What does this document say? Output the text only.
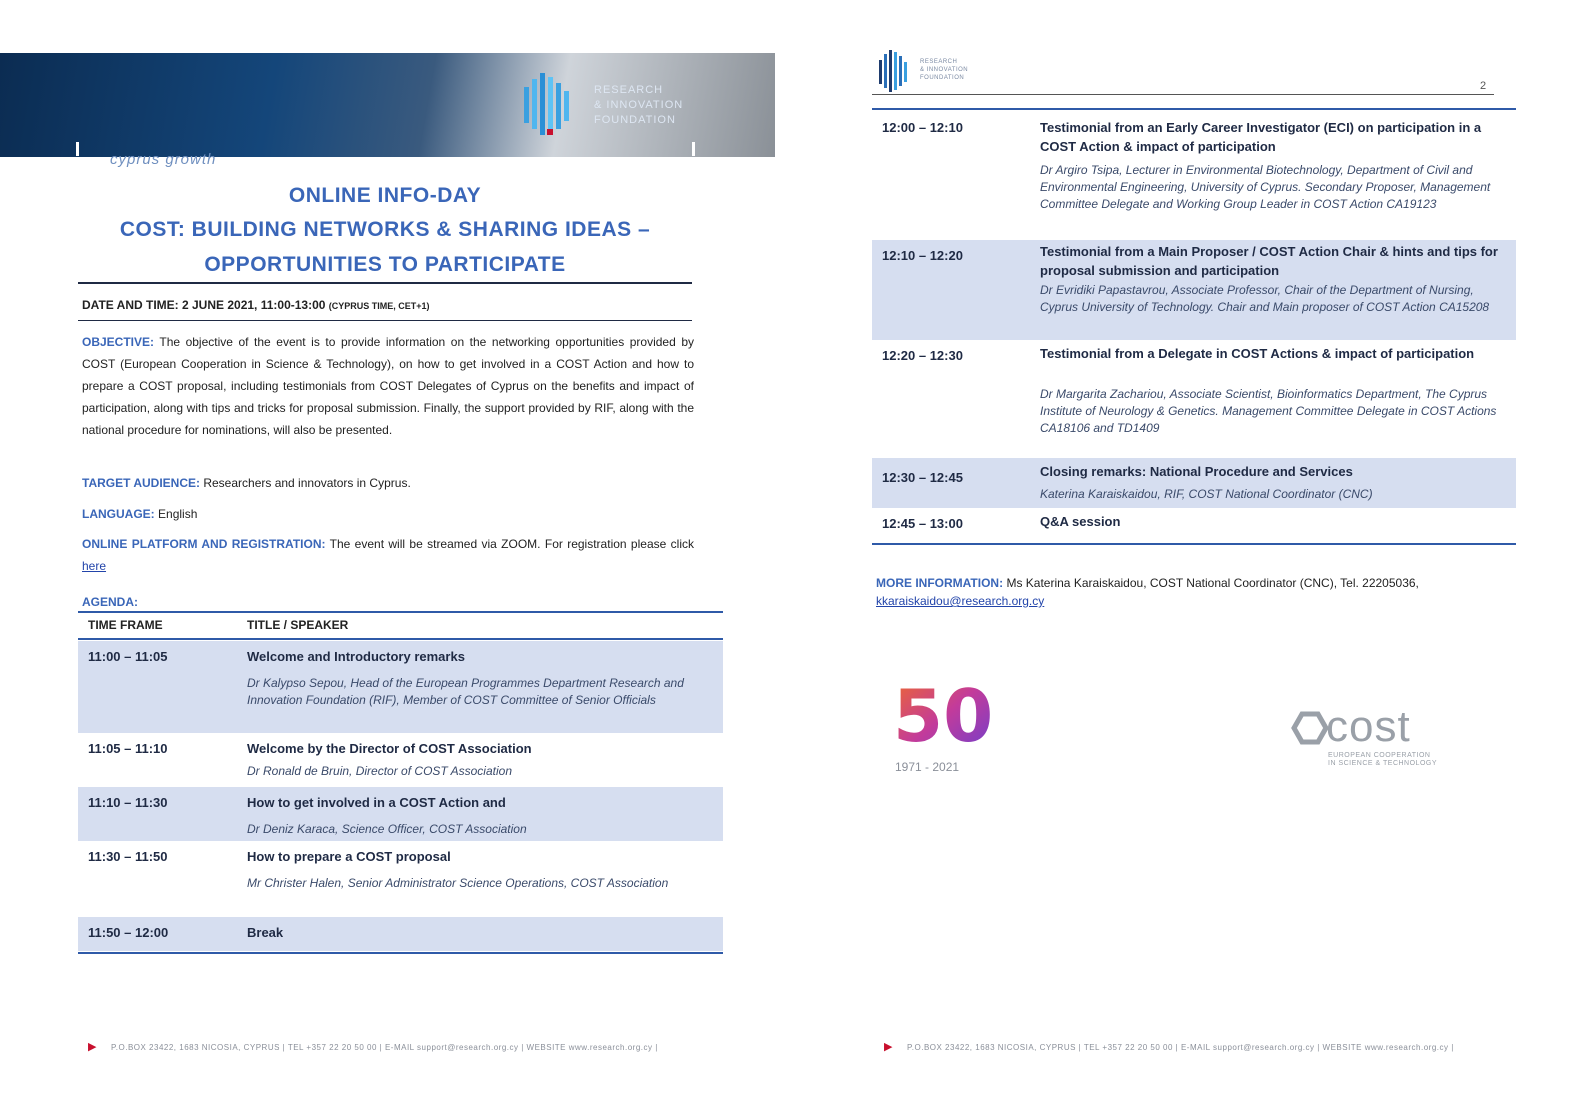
cyprus growth
RESEARCH
& INNOVATION
FOUNDATION
ONLINE INFO-DAY
COST: BUILDING NETWORKS & SHARING IDEAS –
OPPORTUNITIES TO PARTICIPATE
DATE AND TIME: 2 JUNE 2021, 11:00-13:00 (CYPRUS TIME, CET+1)
OBJECTIVE: The objective of the event is to provide information on the networking opportunities provided by COST (European Cooperation in Science & Technology), on how to get involved in a COST Action and how to prepare a COST proposal, including testimonials from COST Delegates of Cyprus on the benefits and impact of participation, along with tips and tricks for proposal submission. Finally, the support provided by RIF, along with the national procedure for nominations, will also be presented.
TARGET AUDIENCE: Researchers and innovators in Cyprus.
LANGUAGE: English
ONLINE PLATFORM AND REGISTRATION: The event will be streamed via ZOOM. For registration please click here
AGENDA:
TIME FRAME	TITLE / SPEAKER
11:00 – 11:05	Welcome and Introductory remarks
Dr Kalypso Sepou, Head of the European Programmes Department Research and Innovation Foundation (RIF), Member of COST Committee of Senior Officials
11:05 – 11:10	Welcome by the Director of COST Association
Dr Ronald de Bruin, Director of COST Association
11:10 – 11:30	How to get involved in a COST Action and
Dr Deniz Karaca, Science Officer, COST Association
11:30 – 11:50	How to prepare a COST proposal
Mr Christer Halen, Senior Administrator Science Operations, COST Association
11:50 – 12:00	Break
▶ P.O.BOX 23422, 1683 NICOSIA, CYPRUS | TEL +357 22 20 50 00 | E-MAIL support@research.org.cy | WEBSITE www.research.org.cy |
RESEARCH
& INNOVATION
FOUNDATION
2
12:00 – 12:10	Testimonial from an Early Career Investigator (ECI) on participation in a COST Action & impact of participation
Dr Argiro Tsipa, Lecturer in Environmental Biotechnology, Department of Civil and Environmental Engineering, University of Cyprus. Secondary Proposer, Management Committee Delegate and Working Group Leader in COST Action CA19123
12:10 – 12:20	Testimonial from a Main Proposer / COST Action Chair & hints and tips for proposal submission and participation
Dr Evridiki Papastavrou, Associate Professor, Chair of the Department of Nursing, Cyprus University of Technology. Chair and Main proposer of COST Action CA15208
12:20 – 12:30	Testimonial from a Delegate in COST Actions & impact of participation
Dr Margarita Zachariou, Associate Scientist, Bioinformatics Department, The Cyprus Institute of Neurology & Genetics. Management Committee Delegate in COST Actions CA18106 and TD1409
12:30 – 12:45	Closing remarks: National Procedure and Services
Katerina Karaiskaidou, RIF, COST National Coordinator (CNC)
12:45 – 13:00	Q&A session
MORE INFORMATION: Ms Katerina Karaiskaidou, COST National Coordinator (CNC), Tel. 22205036, kkaraiskaidou@research.org.cy
50
1971 - 2021
cost
EUROPEAN COOPERATION
IN SCIENCE & TECHNOLOGY
▶ P.O.BOX 23422, 1683 NICOSIA, CYPRUS | TEL +357 22 20 50 00 | E-MAIL support@research.org.cy | WEBSITE www.research.org.cy |
